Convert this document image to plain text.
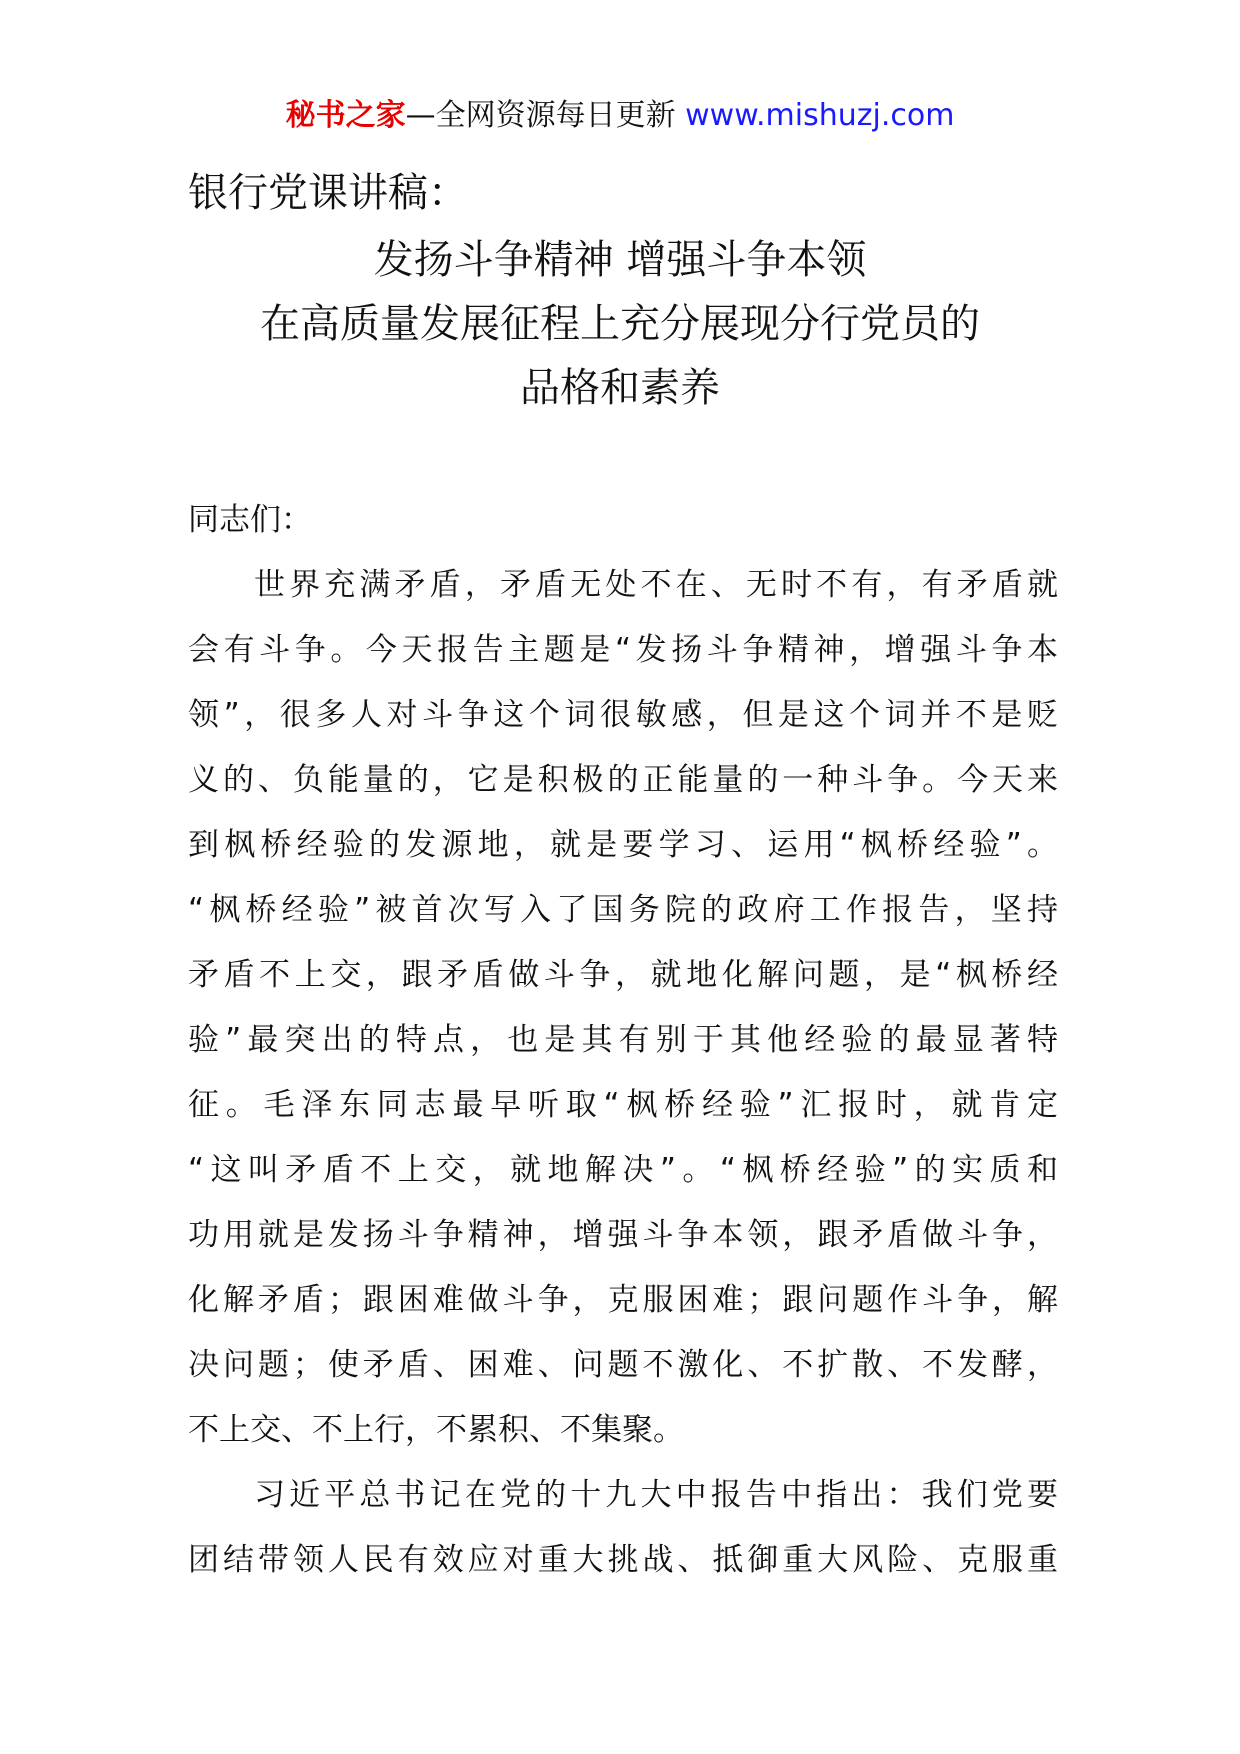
秘书之家—全网资源每日更新 www.mishuzj.com
银行党课讲稿：
发扬斗争精神 增强斗争本领
在高质量发展征程上充分展现分行党员的
品格和素养
同志们：
世界充满矛盾，矛盾无处不在、无时不有，有矛盾就
会有斗争。今天报告主题是“发扬斗争精神，增强斗争本
领”，很多人对斗争这个词很敏感，但是这个词并不是贬
义的、负能量的，它是积极的正能量的一种斗争。今天来
到枫桥经验的发源地，就是要学习、运用“枫桥经验”。
“枫桥经验”被首次写入了国务院的政府工作报告，坚持
矛盾不上交，跟矛盾做斗争，就地化解问题，是“枫桥经
验”最突出的特点，也是其有别于其他经验的最显著特
征。毛泽东同志最早听取“枫桥经验”汇报时，就肯定
“这叫矛盾不上交，就地解决”。“枫桥经验”的实质和
功用就是发扬斗争精神，增强斗争本领，跟矛盾做斗争，
化解矛盾；跟困难做斗争，克服困难；跟问题作斗争，解
决问题；使矛盾、困难、问题不激化、不扩散、不发酵，
不上交、不上行，不累积、不集聚。
习近平总书记在党的十九大中报告中指出：我们党要
团结带领人民有效应对重大挑战、抵御重大风险、克服重
